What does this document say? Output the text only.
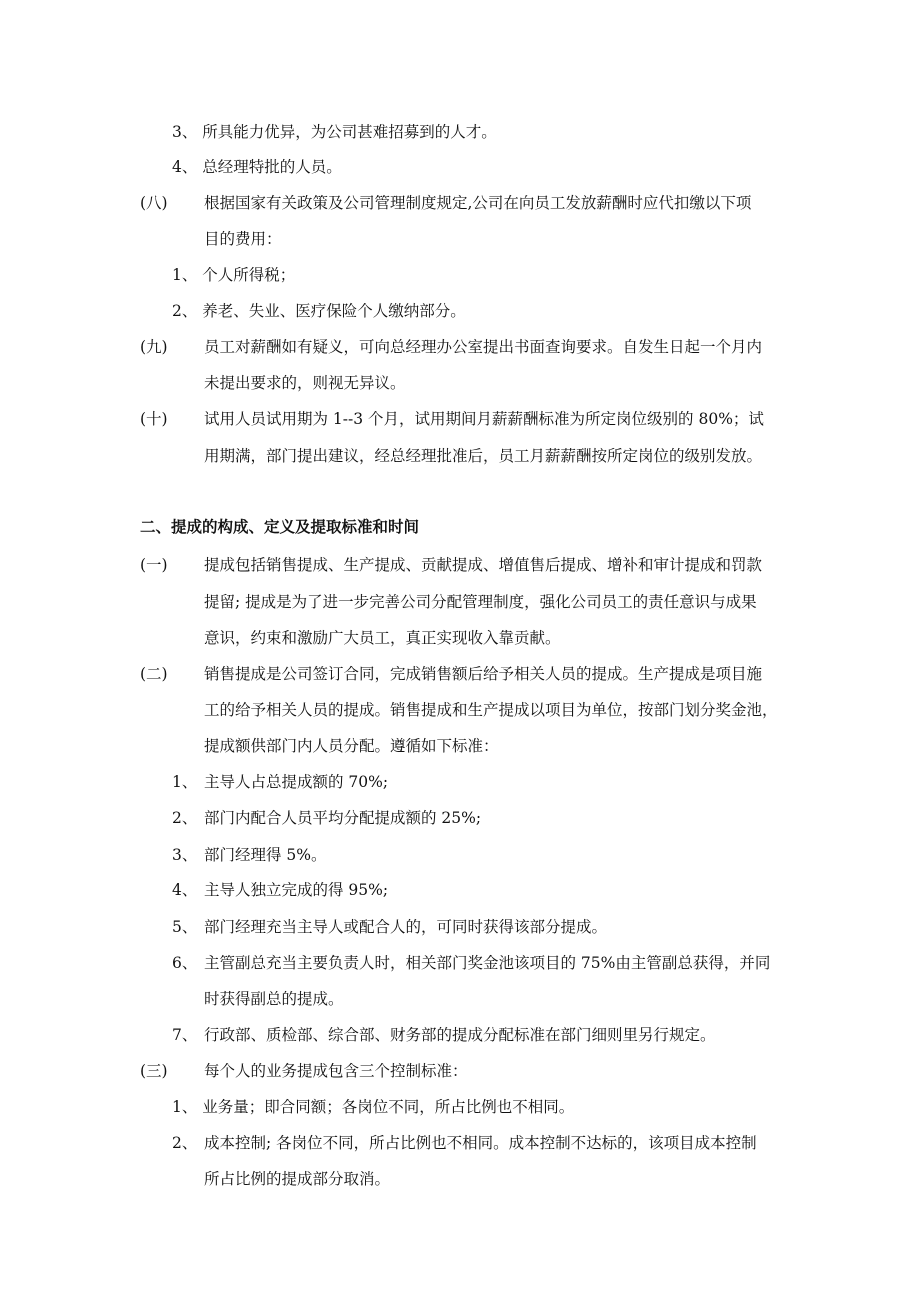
3、 所具能力优异，为公司甚难招募到的人才。
4、 总经理特批的人员。
(八) 根据国家有关政策及公司管理制度规定,公司在向员工发放薪酬时应代扣缴以下项
目的费用：
1、 个人所得税；
2、 养老、失业、医疗保险个人缴纳部分。
(九) 员工对薪酬如有疑义，可向总经理办公室提出书面查询要求。自发生日起一个月内
未提出要求的，则视无异议。
(十) 试用人员试用期为 1--3 个月，试用期间月薪薪酬标准为所定岗位级别的 80%；试
用期满，部门提出建议，经总经理批准后，员工月薪薪酬按所定岗位的级别发放。
二、提成的构成、定义及提取标准和时间
(一) 提成包括销售提成、生产提成、贡献提成、增值售后提成、增补和审计提成和罚款
提留; 提成是为了进一步完善公司分配管理制度，强化公司员工的责任意识与成果
意识，约束和激励广大员工，真正实现收入靠贡献。
(二) 销售提成是公司签订合同，完成销售额后给予相关人员的提成。生产提成是项目施
工的给予相关人员的提成。销售提成和生产提成以项目为单位，按部门划分奖金池，
提成额供部门内人员分配。遵循如下标准：
1、 主导人占总提成额的 70%;
2、 部门内配合人员平均分配提成额的 25%;
3、 部门经理得 5%。
4、 主导人独立完成的得 95%;
5、 部门经理充当主导人或配合人的，可同时获得该部分提成。
6、 主管副总充当主要负责人时，相关部门奖金池该项目的 75%由主管副总获得，并同
时获得副总的提成。
7、 行政部、质检部、综合部、财务部的提成分配标准在部门细则里另行规定。
(三) 每个人的业务提成包含三个控制标准：
1、 业务量；即合同额；各岗位不同，所占比例也不相同。
2、 成本控制; 各岗位不同，所占比例也不相同。成本控制不达标的，该项目成本控制
所占比例的提成部分取消。
